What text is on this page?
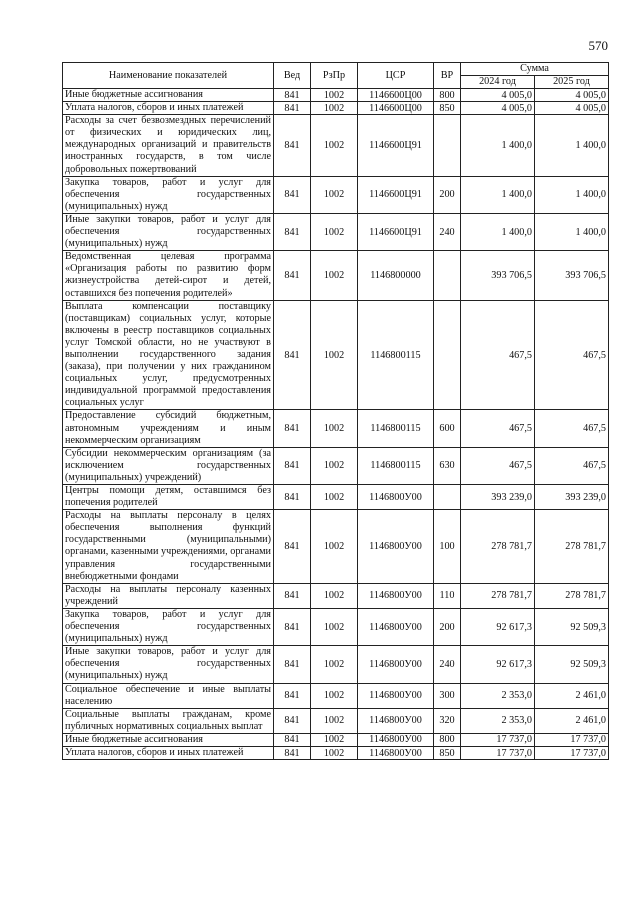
570
Наименование показателей	Вед	РзПр	ЦСР	ВР	Сумма	
					2024 год	2025 год
Иные бюджетные ассигнования	841	1002	1146600Ц00	800	4 005,0	4 005,0
Уплата налогов, сборов и иных платежей	841	1002	1146600Ц00	850	4 005,0	4 005,0
Расходы за счет безвозмездных перечислений от физических и юридических лиц, международных организаций и правительств иностранных государств, в том числе добровольных пожертвований	841	1002	1146600Ц91		1 400,0	1 400,0
Закупка товаров, работ и услуг для обеспечения государственных (муниципальных) нужд	841	1002	1146600Ц91	200	1 400,0	1 400,0
Иные закупки товаров, работ и услуг для обеспечения государственных (муниципальных) нужд	841	1002	1146600Ц91	240	1 400,0	1 400,0
Ведомственная целевая программа «Организация работы по развитию форм жизнеустройства детей-сирот и детей, оставшихся без попечения родителей»	841	1002	1146800000		393 706,5	393 706,5
Выплата компенсации поставщику (поставщикам) социальных услуг, которые включены в реестр поставщиков социальных услуг Томской области, но не участвуют в выполнении государственного задания (заказа), при получении у них гражданином социальных услуг, предусмотренных индивидуальной программой предоставления социальных услуг	841	1002	1146800115		467,5	467,5
Предоставление субсидий бюджетным, автономным учреждениям и иным некоммерческим организациям	841	1002	1146800115	600	467,5	467,5
Субсидии некоммерческим организациям (за исключением государственных (муниципальных) учреждений)	841	1002	1146800115	630	467,5	467,5
Центры помощи детям, оставшимся без попечения родителей	841	1002	1146800У00		393 239,0	393 239,0
Расходы на выплаты персоналу в целях обеспечения выполнения функций государственными (муниципальными) органами, казенными учреждениями, органами управления государственными внебюджетными фондами	841	1002	1146800У00	100	278 781,7	278 781,7
Расходы на выплаты персоналу казенных учреждений	841	1002	1146800У00	110	278 781,7	278 781,7
Закупка товаров, работ и услуг для обеспечения государственных (муниципальных) нужд	841	1002	1146800У00	200	92 617,3	92 509,3
Иные закупки товаров, работ и услуг для обеспечения государственных (муниципальных) нужд	841	1002	1146800У00	240	92 617,3	92 509,3
Социальное обеспечение и иные выплаты населению	841	1002	1146800У00	300	2 353,0	2 461,0
Социальные выплаты гражданам, кроме публичных нормативных социальных выплат	841	1002	1146800У00	320	2 353,0	2 461,0
Иные бюджетные ассигнования	841	1002	1146800У00	800	17 737,0	17 737,0
Уплата налогов, сборов и иных платежей	841	1002	1146800У00	850	17 737,0	17 737,0
